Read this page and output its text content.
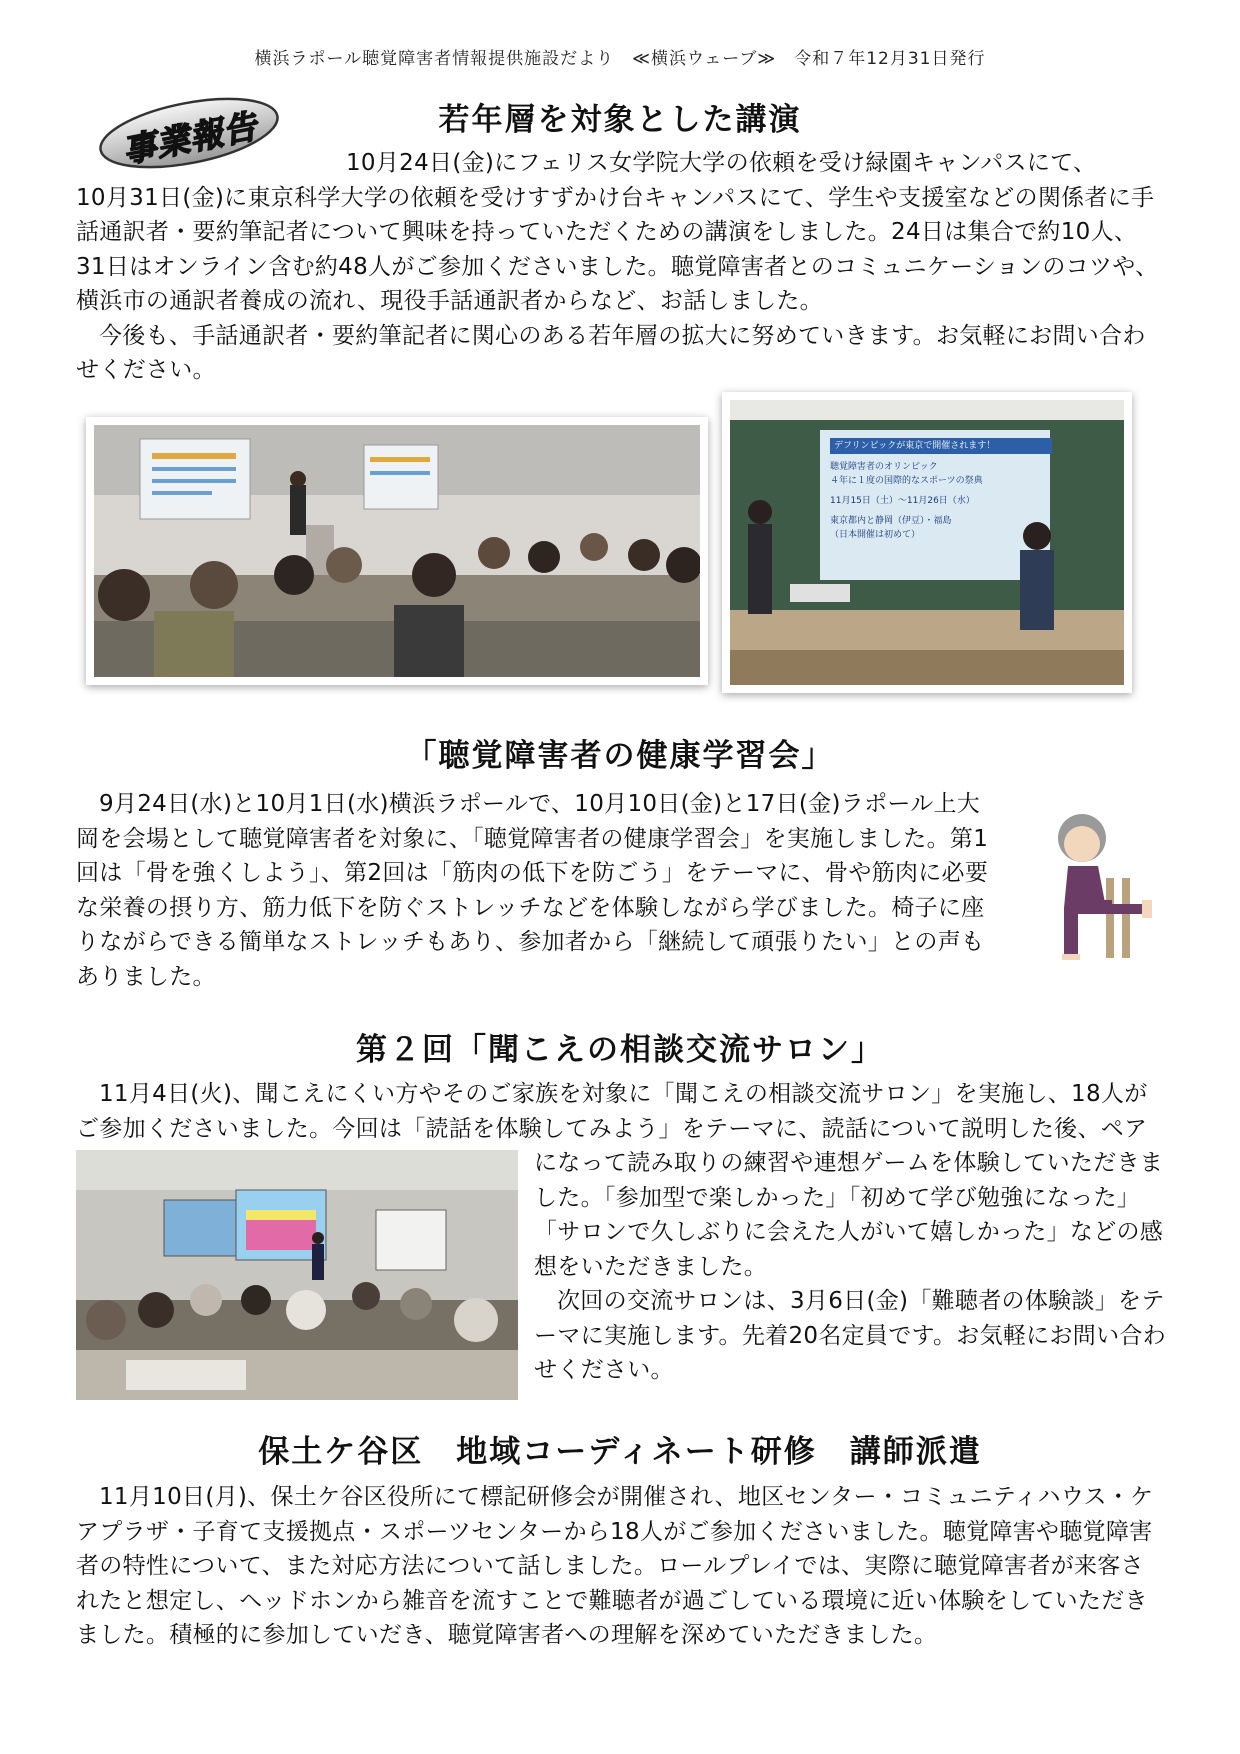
横浜ラポール聴覚障害者情報提供施設だより　≪横浜ウェーブ≫　令和７年12月31日発行
事業報告	若年層を対象とした講演

10月24日(金)にフェリス女学院大学の依頼を受け緑園キャンパスにて、

10月31日(金)に東京科学大学の依頼を受けすずかけ台キャンパスにて、学生や支援室などの関係者に手話通訳者・要約筆記者について興味を持っていただくための講演をしました。24日は集合で約10人、31日はオンライン含む約48人がご参加くださいました。聴覚障害者とのコミュニケーションのコツや、横浜市の通訳者養成の流れ、現役手話通訳者からなど、お話しました。

今後も、手話通訳者・要約筆記者に関心のある若年層の拡大に努めていきます。お気軽にお問い合わせください。

デフリンピックが東京で開催されます！
聴覚障害者のオリンピック
４年に１度の国際的なスポーツの祭典
11月15日（土）～11月26日（水）
東京都内と静岡（伊豆）・福島
（日本開催は初めて）
「聴覚障害者の健康学習会」

9月24日(水)と10月1日(水)横浜ラポールで、10月10日(金)と17日(金)ラポール上大岡を会場として聴覚障害者を対象に、「聴覚障害者の健康学習会」を実施しました。第1回は「骨を強くしよう」、第2回は「筋肉の低下を防ごう」をテーマに、骨や筋肉に必要な栄養の摂り方、筋力低下を防ぐストレッチなどを体験しながら学びました。椅子に座りながらできる簡単なストレッチもあり、参加者から「継続して頑張りたい」との声もありました。

第２回「聞こえの相談交流サロン」

11月4日(火)、聞こえにくい方やそのご家族を対象に「聞こえの相談交流サロン」を実施し、18人がご参加くださいました。今回は「読話を体験してみよう」をテーマに、読話について説明した後、ペア

になって読み取りの練習や連想ゲームを体験していただきました。「参加型で楽しかった」「初めて学び勉強になった」「サロンで久しぶりに会えた人がいて嬉しかった」などの感想をいただきました。

次回の交流サロンは、3月6日(金)「難聴者の体験談」をテーマに実施します。先着20名定員です。お気軽にお問い合わせください。

保土ケ谷区　地域コーディネート研修　講師派遣

11月10日(月)、保土ケ谷区役所にて標記研修会が開催され、地区センター・コミュニティハウス・ケアプラザ・子育て支援拠点・スポーツセンターから18人がご参加くださいました。聴覚障害や聴覚障害者の特性について、また対応方法について話しました。ロールプレイでは、実際に聴覚障害者が来客されたと想定し、ヘッドホンから雑音を流すことで難聴者が過ごしている環境に近い体験をしていただきました。積極的に参加していだき、聴覚障害者への理解を深めていただきました。
